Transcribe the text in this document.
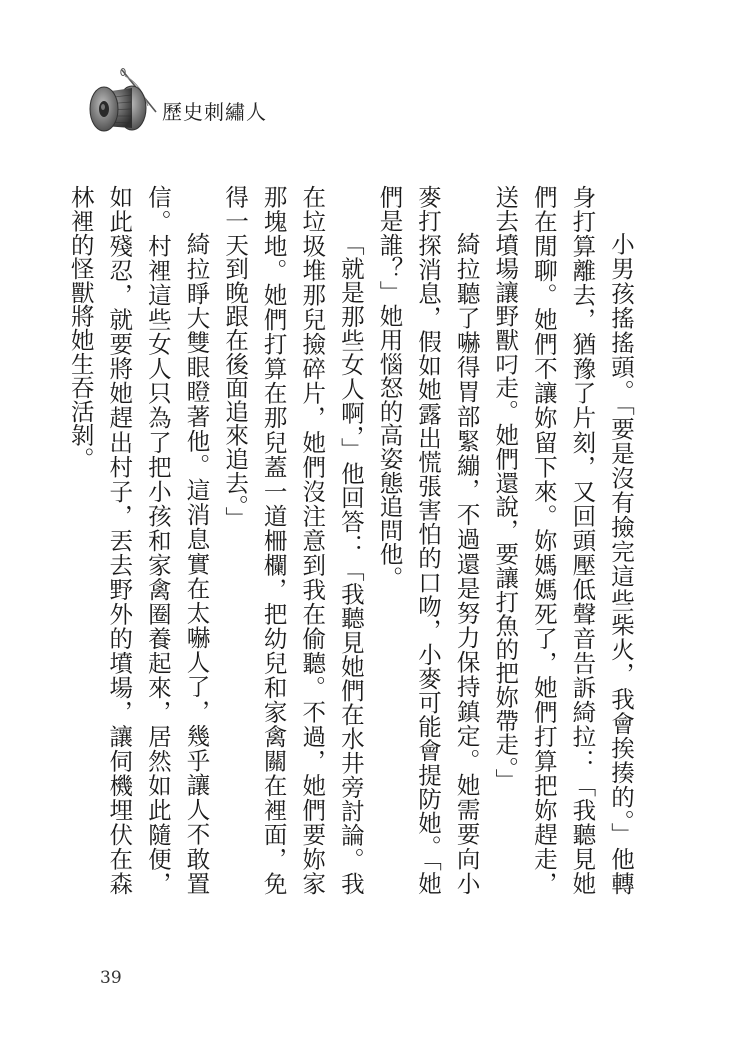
歷史刺繡人

小男孩搖搖頭。「要是沒有撿完這些柴火，我會挨揍的。」他轉身打算離去，猶豫了片刻，又回頭壓低聲音告訴綺拉：「我聽見她們在閒聊。她們不讓妳留下來。妳媽媽死了，她們打算把妳趕走，送去墳場讓野獸叼走。她們還說，要讓打魚的把妳帶走。」

綺拉聽了嚇得胃部緊繃，不過還是努力保持鎮定。她需要向小麥打探消息，假如她露出慌張害怕的口吻，小麥可能會提防她。「她們是誰？」她用惱怒的高姿態追問他。

「就是那些女人啊，」他回答：「我聽見她們在水井旁討論。我在垃圾堆那兒撿碎片，她們沒注意到我在偷聽。不過，她們要妳家那塊地。她們打算在那兒蓋一道柵欄，把幼兒和家禽關在裡面，免得一天到晚跟在後面追來追去。」

綺拉睜大雙眼瞪著他。這消息實在太嚇人了，幾乎讓人不敢置信。村裡這些女人只為了把小孩和家禽圈養起來，居然如此隨便，如此殘忍，就要將她趕出村子，丟去野外的墳場，讓伺機埋伏在森林裡的怪獸將她生吞活剝。

39
